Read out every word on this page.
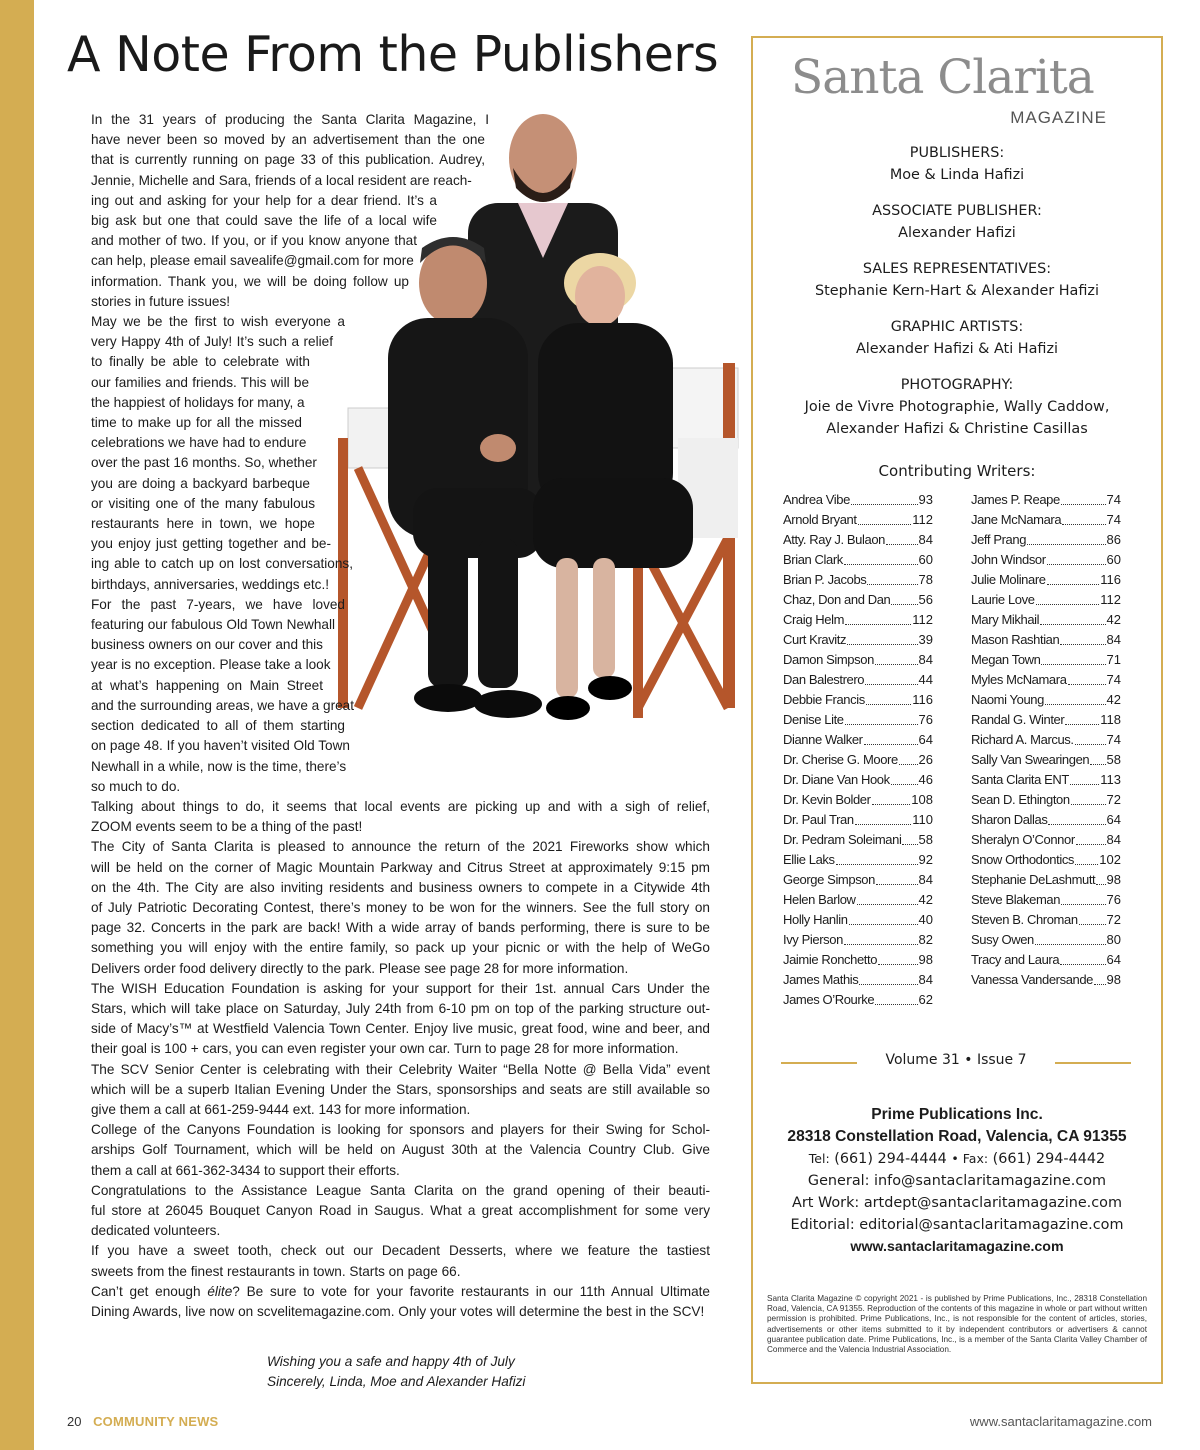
A Note From the Publishers

In the 31 years of producing the Santa Clarita Magazine, I
have never been so moved by an advertisement than the one
that is currently running on page 33 of this publication. Audrey,
Jennie, Michelle and Sara, friends of a local resident are reach-
ing out and asking for your help for a dear friend. It’s a
big ask but one that could save the life of a local wife
and mother of two. If you, or if you know anyone that
can help, please email savealife@gmail.com for more
information. Thank you, we will be doing follow up
stories in future issues!

May we be the first to wish everyone a
very Happy 4th of July! It’s such a relief
to finally be able to celebrate with
our families and friends. This will be
the happiest of holidays for many, a
time to make up for all the missed
celebrations we have had to endure
over the past 16 months. So, whether
you are doing a backyard barbeque
or visiting one of the many fabulous
restaurants here in town, we hope
you enjoy just getting together and be-
ing able to catch up on lost conversations,
birthdays, anniversaries, weddings etc.!

For the past 7-years, we have loved
featuring our fabulous Old Town Newhall
business owners on our cover and this
year is no exception. Please take a look
at what’s happening on Main Street
and the surrounding areas, we have a great
section dedicated to all of them starting
on page 48. If you haven’t visited Old Town
Newhall in a while, now is the time, there’s
so much to do.

Talking about things to do, it seems that local events are picking up and with a sigh of relief,
ZOOM events seem to be a thing of the past!

The City of Santa Clarita is pleased to announce the return of the 2021 Fireworks show which
will be held on the corner of Magic Mountain Parkway and Citrus Street at approximately 9:15 pm
on the 4th. The City are also inviting residents and business owners to compete in a Citywide 4th
of July Patriotic Decorating Contest, there’s money to be won for the winners. See the full story on
page 32. Concerts in the park are back! With a wide array of bands performing, there is sure to be
something you will enjoy with the entire family, so pack up your picnic or with the help of WeGo
Delivers order food delivery directly to the park. Please see page 28 for more information.

The WISH Education Foundation is asking for your support for their 1st. annual Cars Under the
Stars, which will take place on Saturday, July 24th from 6-10 pm on top of the parking structure out-
side of Macy’s™ at Westfield Valencia Town Center. Enjoy live music, great food, wine and beer, and
their goal is 100 + cars, you can even register your own car. Turn to page 28 for more information.

The SCV Senior Center is celebrating with their Celebrity Waiter “Bella Notte @ Bella Vida” event
which will be a superb Italian Evening Under the Stars, sponsorships and seats are still available so
give them a call at 661-259-9444 ext. 143 for more information.

College of the Canyons Foundation is looking for sponsors and players for their Swing for Schol-
arships Golf Tournament, which will be held on August 30th at the Valencia Country Club. Give
them a call at 661-362-3434 to support their efforts.

Congratulations to the Assistance League Santa Clarita on the grand opening of their beauti-
ful store at 26045 Bouquet Canyon Road in Saugus. What a great accomplishment for some very
dedicated volunteers.

If you have a sweet tooth, check out our Decadent Desserts, where we feature the tastiest
sweets from the finest restaurants in town. Starts on page 66.

Can’t get enough élite? Be sure to vote for your favorite restaurants in our 11th Annual Ultimate
Dining Awards, live now on scvelitemagazine.com. Only your votes will determine the best in the SCV!

Wishing you a safe and happy 4th of July
Sincerely, Linda, Moe and Alexander Hafizi
Santa Clarita
MAGAZINE
PUBLISHERS:
Moe & Linda Hafizi
ASSOCIATE PUBLISHER:
Alexander Hafizi
SALES REPRESENTATIVES:
Stephanie Kern-Hart & Alexander Hafizi
GRAPHIC ARTISTS:
Alexander Hafizi & Ati Hafizi
PHOTOGRAPHY:
Joie de Vivre Photographie, Wally Caddow,
Alexander Hafizi & Christine Casillas
Contributing Writers:
Andrea Vibe	93
Arnold Bryant	112
Atty. Ray J. Bulaon	84
Brian Clark	60
Brian P. Jacobs	78
Chaz, Don and Dan 56
Craig Helm	112
Curt Kravitz	39
Damon Simpson	84
Dan Balestrero	44
Debbie Francis	116
Denise Lite	76
Dianne Walker	64
Dr. Cherise G. Moore 26
Dr. Diane Van Hook 46
Dr. Kevin Bolder	108
Dr. Paul Tran	110
Dr. Pedram Soleimani 58
Ellie Laks	92
George Simpson	84
Helen Barlow	42
Holly Hanlin	40
Ivy Pierson	82
Jaimie Ronchetto	98
James Mathis	84
James O’Rourke	62
James P. Reape	74
Jane McNamara	74
Jeff Prang	86
John Windsor	60
Julie Molinare	116
Laurie Love	112
Mary Mikhail	42
Mason Rashtian	84
Megan Town	71
Myles McNamara	74
Naomi Young	42
Randal G. Winter	118
Richard A. Marcus.	74
Sally Van Swearingen 58
Santa Clarita ENT 113
Sean D. Ethington	72
Sharon Dallas	64
Sheralyn O’Connor 84
Snow Orthodontics 102
Stephanie DeLashmutt 98
Steve Blakeman	76
Steven B. Chroman 72
Susy Owen	80
Tracy and Laura	64
Vanessa Vandersande 98
Volume 31 • Issue 7
Prime Publications Inc.
28318 Constellation Road, Valencia, CA 91355
Tel: (661) 294-4444 • Fax: (661) 294-4442
General: info@santaclaritamagazine.com
Art Work: artdept@santaclaritamagazine.com
Editorial: editorial@santaclaritamagazine.com
www.santaclaritamagazine.com
Santa Clarita Magazine © copyright 2021 - is published by Prime Publications, Inc., 28318 Constellation Road, Valencia, CA 91355. Reproduction of the contents of this magazine in whole or part without written permission is prohibited. Prime Publications, Inc., is not responsible for the content of articles, stories, advertisements or other items submitted to it by independent contributors or advertisers & cannot guarantee publication date. Prime Publications, Inc., is a member of the Santa Clarita Valley Chamber of Commerce and the Valencia Industrial Association.
20 COMMUNITY NEWS	www.santaclaritamagazine.com
